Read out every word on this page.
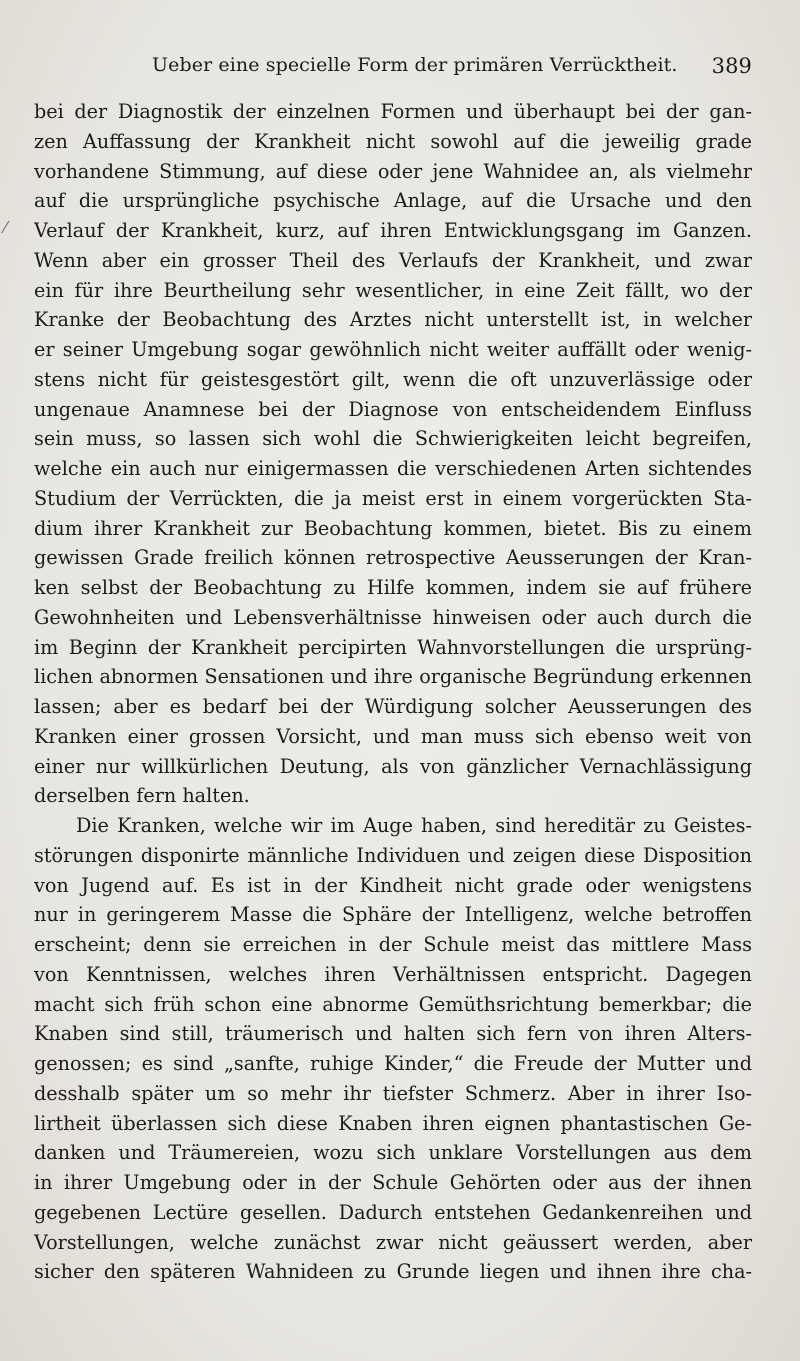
Ueber eine specielle Form der primären Verrücktheit. 389
⁄
bei der Diagnostik der einzelnen Formen und überhaupt bei der gan-
zen Auffassung der Krankheit nicht sowohl auf die jeweilig grade
vorhandene Stimmung, auf diese oder jene Wahnidee an, als vielmehr
auf die ursprüngliche psychische Anlage, auf die Ursache und den
Verlauf der Krankheit, kurz, auf ihren Entwicklungsgang im Ganzen.
Wenn aber ein grosser Theil des Verlaufs der Krankheit, und zwar
ein für ihre Beurtheilung sehr wesentlicher, in eine Zeit fällt, wo der
Kranke der Beobachtung des Arztes nicht unterstellt ist, in welcher
er seiner Umgebung sogar gewöhnlich nicht weiter auffällt oder wenig-
stens nicht für geistesgestört gilt, wenn die oft unzuverlässige oder
ungenaue Anamnese bei der Diagnose von entscheidendem Einfluss
sein muss, so lassen sich wohl die Schwierigkeiten leicht begreifen,
welche ein auch nur einigermassen die verschiedenen Arten sichtendes
Studium der Verrückten, die ja meist erst in einem vorgerückten Sta-
dium ihrer Krankheit zur Beobachtung kommen, bietet. Bis zu einem
gewissen Grade freilich können retrospective Aeusserungen der Kran-
ken selbst der Beobachtung zu Hilfe kommen, indem sie auf frühere
Gewohnheiten und Lebensverhältnisse hinweisen oder auch durch die
im Beginn der Krankheit percipirten Wahnvorstellungen die ursprüng-
lichen abnormen Sensationen und ihre organische Begründung erkennen
lassen; aber es bedarf bei der Würdigung solcher Aeusserungen des
Kranken einer grossen Vorsicht, und man muss sich ebenso weit von
einer nur willkürlichen Deutung, als von gänzlicher Vernachlässigung
derselben fern halten.
Die Kranken, welche wir im Auge haben, sind hereditär zu Geistes-
störungen disponirte männliche Individuen und zeigen diese Disposition
von Jugend auf. Es ist in der Kindheit nicht grade oder wenigstens
nur in geringerem Masse die Sphäre der Intelligenz, welche betroffen
erscheint; denn sie erreichen in der Schule meist das mittlere Mass
von Kenntnissen, welches ihren Verhältnissen entspricht. Dagegen
macht sich früh schon eine abnorme Gemüthsrichtung bemerkbar; die
Knaben sind still, träumerisch und halten sich fern von ihren Alters-
genossen; es sind „sanfte, ruhige Kinder,“ die Freude der Mutter und
desshalb später um so mehr ihr tiefster Schmerz. Aber in ihrer Iso-
lirtheit überlassen sich diese Knaben ihren eignen phantastischen Ge-
danken und Träumereien, wozu sich unklare Vorstellungen aus dem
in ihrer Umgebung oder in der Schule Gehörten oder aus der ihnen
gegebenen Lectüre gesellen. Dadurch entstehen Gedankenreihen und
Vorstellungen, welche zunächst zwar nicht geäussert werden, aber
sicher den späteren Wahnideen zu Grunde liegen und ihnen ihre cha-
